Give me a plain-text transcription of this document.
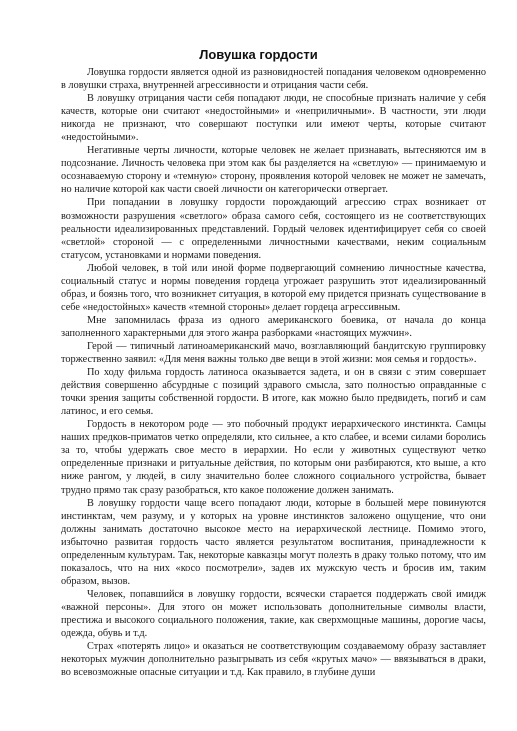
Ловушка гордости

Ловушка гордости является одной из разновидностей попадания человеком одновременно в ловушки страха, внутренней агрессивности и отрицания части себя.

В ловушку отрицания части себя попадают люди, не способные признать наличие у себя качеств, которые они считают «недостойными» и «неприличными». В частности, эти люди никогда не признают, что совершают поступки или имеют черты, которые считают «недостойными».

Негативные черты личности, которые человек не желает признавать, вытесняются им в подсознание. Личность человека при этом как бы разделяется на «светлую» — принимаемую и осознаваемую сторону и «темную» сторону, проявления которой человек не может не замечать, но наличие которой как части своей личности он категорически отвергает.

При попадании в ловушку гордости порождающий агрессию страх возникает от возможности разрушения «светлого» образа самого себя, состоящего из не соответствующих реальности идеализированных представлений. Гордый человек идентифицирует себя со своей «светлой» стороной — с определенными личностными качествами, неким социальным статусом, установками и нормами поведения.

Любой человек, в той или иной форме подвергающий сомнению личностные качества, социальный статус и нормы поведения гордеца угрожает разрушить этот идеализированный образ, и боязнь того, что возникнет ситуация, в которой ему придется признать существование в себе «недостойных» качеств «темной стороны» делает гордеца агрессивным.

Мне запомнилась фраза из одного американского боевика, от начала до конца заполненного характерными для этого жанра разборками «настоящих мужчин».

Герой — типичный латиноамериканский мачо, возглавляющий бандитскую группировку торжественно заявил: «Для меня важны только две вещи в этой жизни: моя семья и гордость».

По ходу фильма гордость латиноса оказывается задета, и он в связи с этим совершает действия совершенно абсурдные с позиций здравого смысла, зато полностью оправданные с точки зрения защиты собственной гордости. В итоге, как можно было предвидеть, погиб и сам латинос, и его семья.

Гордость в некотором роде — это побочный продукт иерархического инстинкта. Самцы наших предков-приматов четко определяли, кто сильнее, а кто слабее, и всеми силами боролись за то, чтобы удержать свое место в иерархии. Но если у животных существуют четко определенные признаки и ритуальные действия, по которым они разбираются, кто выше, а кто ниже рангом, у людей, в силу значительно более сложного социального устройства, бывает трудно прямо так сразу разобраться, кто какое положение должен занимать.

В ловушку гордости чаще всего попадают люди, которые в большей мере повинуются инстинктам, чем разуму, и у которых на уровне инстинктов заложено ощущение, что они должны занимать достаточно высокое место на иерархической лестнице. Помимо этого, избыточно развитая гордость часто является результатом воспитания, принадлежности к определенным культурам. Так, некоторые кавказцы могут полезть в драку только потому, что им показалось, что на них «косо посмотрели», задев их мужскую честь и бросив им, таким образом, вызов.

Человек, попавшийся в ловушку гордости, всячески старается поддержать свой имидж «важной персоны». Для этого он может использовать дополнительные символы власти, престижа и высокого социального положения, такие, как сверхмощные машины, дорогие часы, одежда, обувь и т.д.

Страх «потерять лицо» и оказаться не соответствующим создаваемому образу заставляет некоторых мужчин дополнительно разыгрывать из себя «крутых мачо» — ввязываться в драки, во всевозможные опасные ситуации и т.д. Как правило, в глубине души
